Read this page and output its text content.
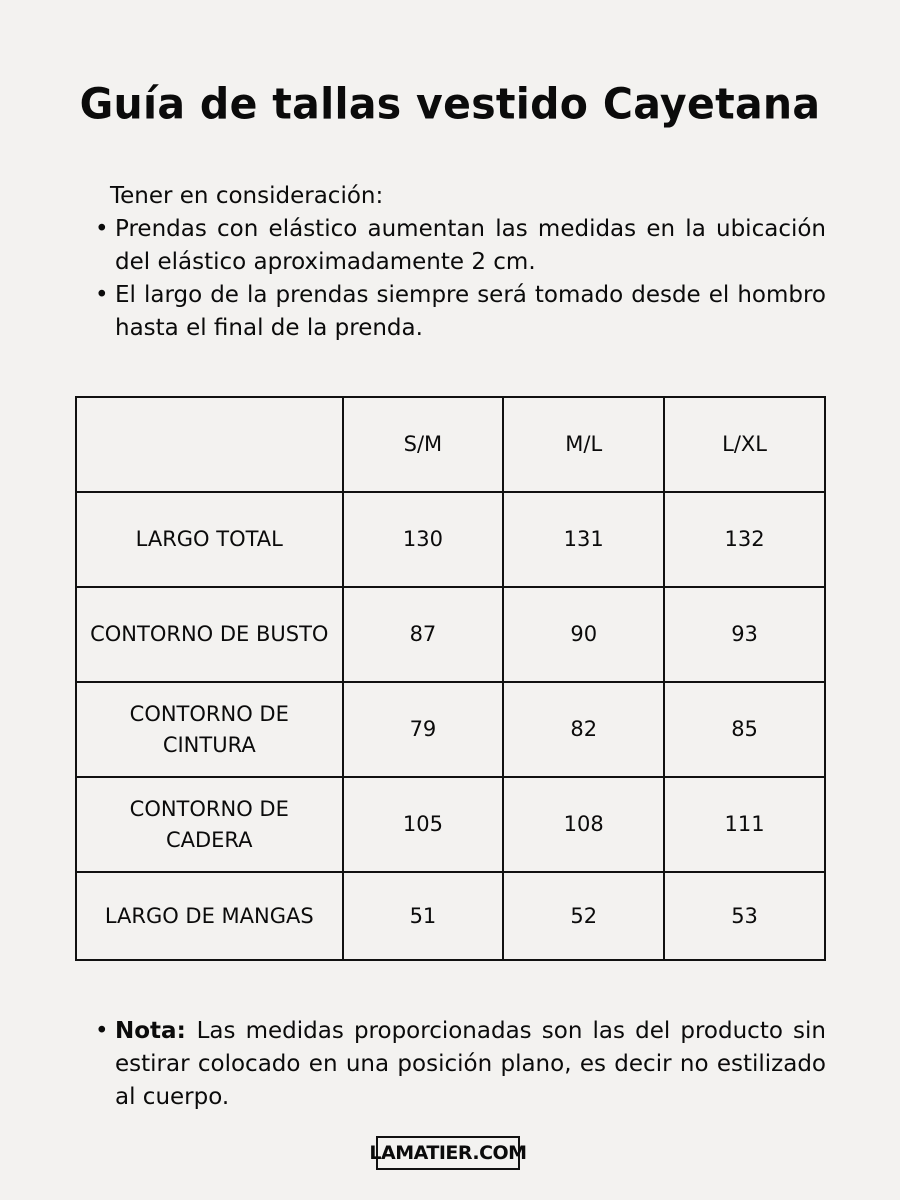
Guía de tallas vestido Cayetana
Tener en consideración:
• Prendas con elástico aumentan las medidas en la ubicación del elástico aproximadamente 2 cm.
• El largo de la prendas siempre será tomado desde el hombro hasta el final de la prenda.
	S/M	M/L	L/XL
LARGO TOTAL	130	131	132
CONTORNO DE BUSTO	87	90	93
CONTORNO DE CINTURA	79	82	85
CONTORNO DE CADERA	105	108	111
LARGO DE MANGAS	51	52	53
• Nota: Las medidas proporcionadas son las del producto sin estirar colocado en una posición plano, es decir no estilizado al cuerpo.
LAMATIER.COM
